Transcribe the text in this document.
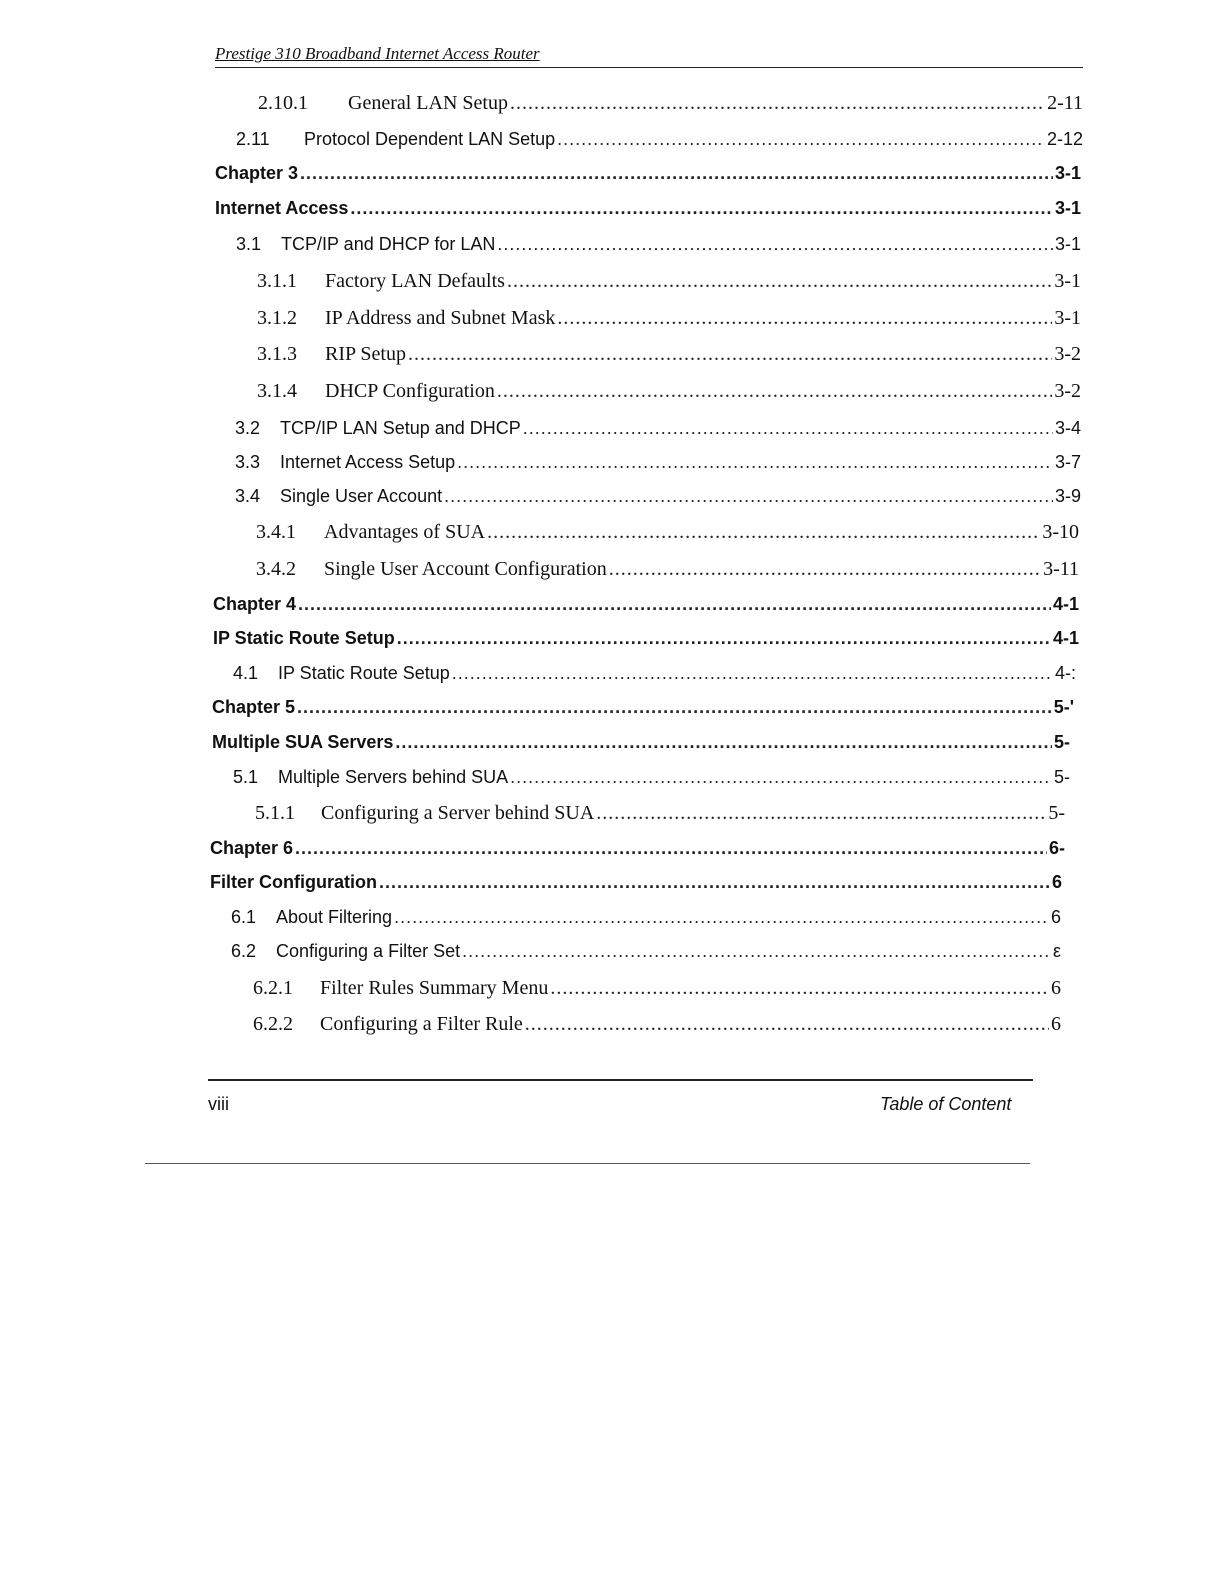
Prestige 310 Broadband Internet Access Router
2.10.1	General LAN Setup .....	2-11
2.11	Protocol Dependent LAN Setup .....	2-12
Chapter 3 .....	3-1
Internet Access .....	3-1
3.1	TCP/IP and DHCP for LAN .....	3-1
3.1.1	Factory LAN Defaults .....	3-1
3.1.2	IP Address and Subnet Mask .....	3-1
3.1.3	RIP Setup .....	3-2
3.1.4	DHCP Configuration .....	3-2
3.2	TCP/IP LAN Setup and DHCP .....	3-4
3.3	Internet Access Setup .....	3-7
3.4	Single User Account .....	3-9
3.4.1	Advantages of SUA .....	3-10
3.4.2	Single User Account Configuration .....	3-11
Chapter 4 .....	4-1
IP Static Route Setup .....	4-1
4.1	IP Static Route Setup .....	4-:
Chapter 5 .....	5-'
Multiple SUA Servers .....	5-
5.1	Multiple Servers behind SUA .....	5-
5.1.1	Configuring a Server behind SUA .....	5-
Chapter 6 .....	6-
Filter Configuration .....	6
6.1	About Filtering .....	6
6.2	Configuring a Filter Set .....	ε
6.2.1	Filter Rules Summary Menu .....	6
6.2.2	Configuring a Filter Rule .....	6
viii	Table of Content
